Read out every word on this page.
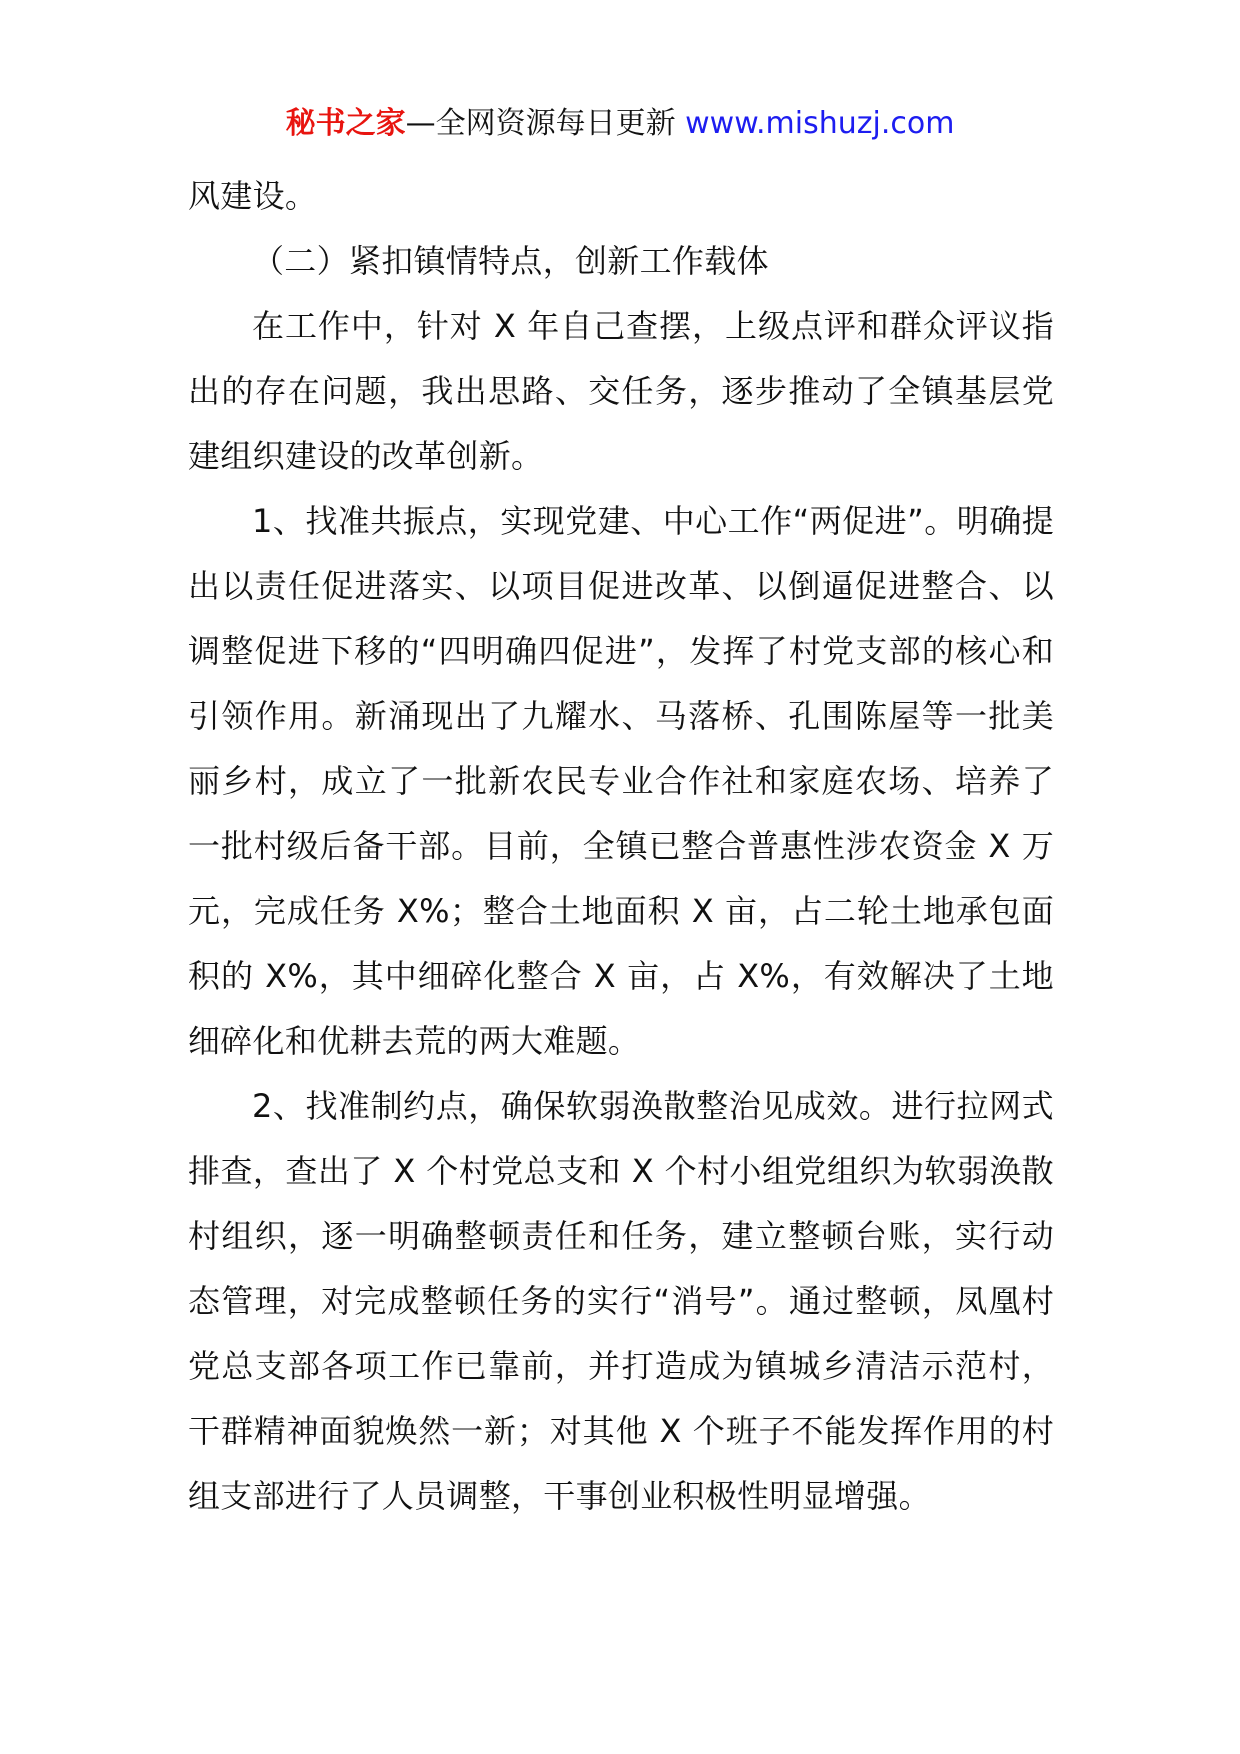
秘书之家—全网资源每日更新 www.mishuzj.com

风建设。

（二）紧扣镇情特点，创新工作载体

在工作中，针对 X 年自己查摆，上级点评和群众评议指出的存在问题，我出思路、交任务，逐步推动了全镇基层党建组织建设的改革创新。

1、找准共振点，实现党建、中心工作“两促进”。明确提出以责任促进落实、以项目促进改革、以倒逼促进整合、以调整促进下移的“四明确四促进”，发挥了村党支部的核心和引领作用。新涌现出了九耀水、马落桥、孔围陈屋等一批美丽乡村，成立了一批新农民专业合作社和家庭农场、培养了一批村级后备干部。目前，全镇已整合普惠性涉农资金 X 万元，完成任务 X%；整合土地面积 X 亩，占二轮土地承包面积的 X%，其中细碎化整合 X 亩，占 X%，有效解决了土地细碎化和优耕去荒的两大难题。

2、找准制约点，确保软弱涣散整治见成效。进行拉网式排查，查出了 X 个村党总支和 X 个村小组党组织为软弱涣散村组织，逐一明确整顿责任和任务，建立整顿台账，实行动态管理，对完成整顿任务的实行“消号”。通过整顿，凤凰村党总支部各项工作已靠前，并打造成为镇城乡清洁示范村，干群精神面貌焕然一新；对其他 X 个班子不能发挥作用的村组支部进行了人员调整，干事创业积极性明显增强。
